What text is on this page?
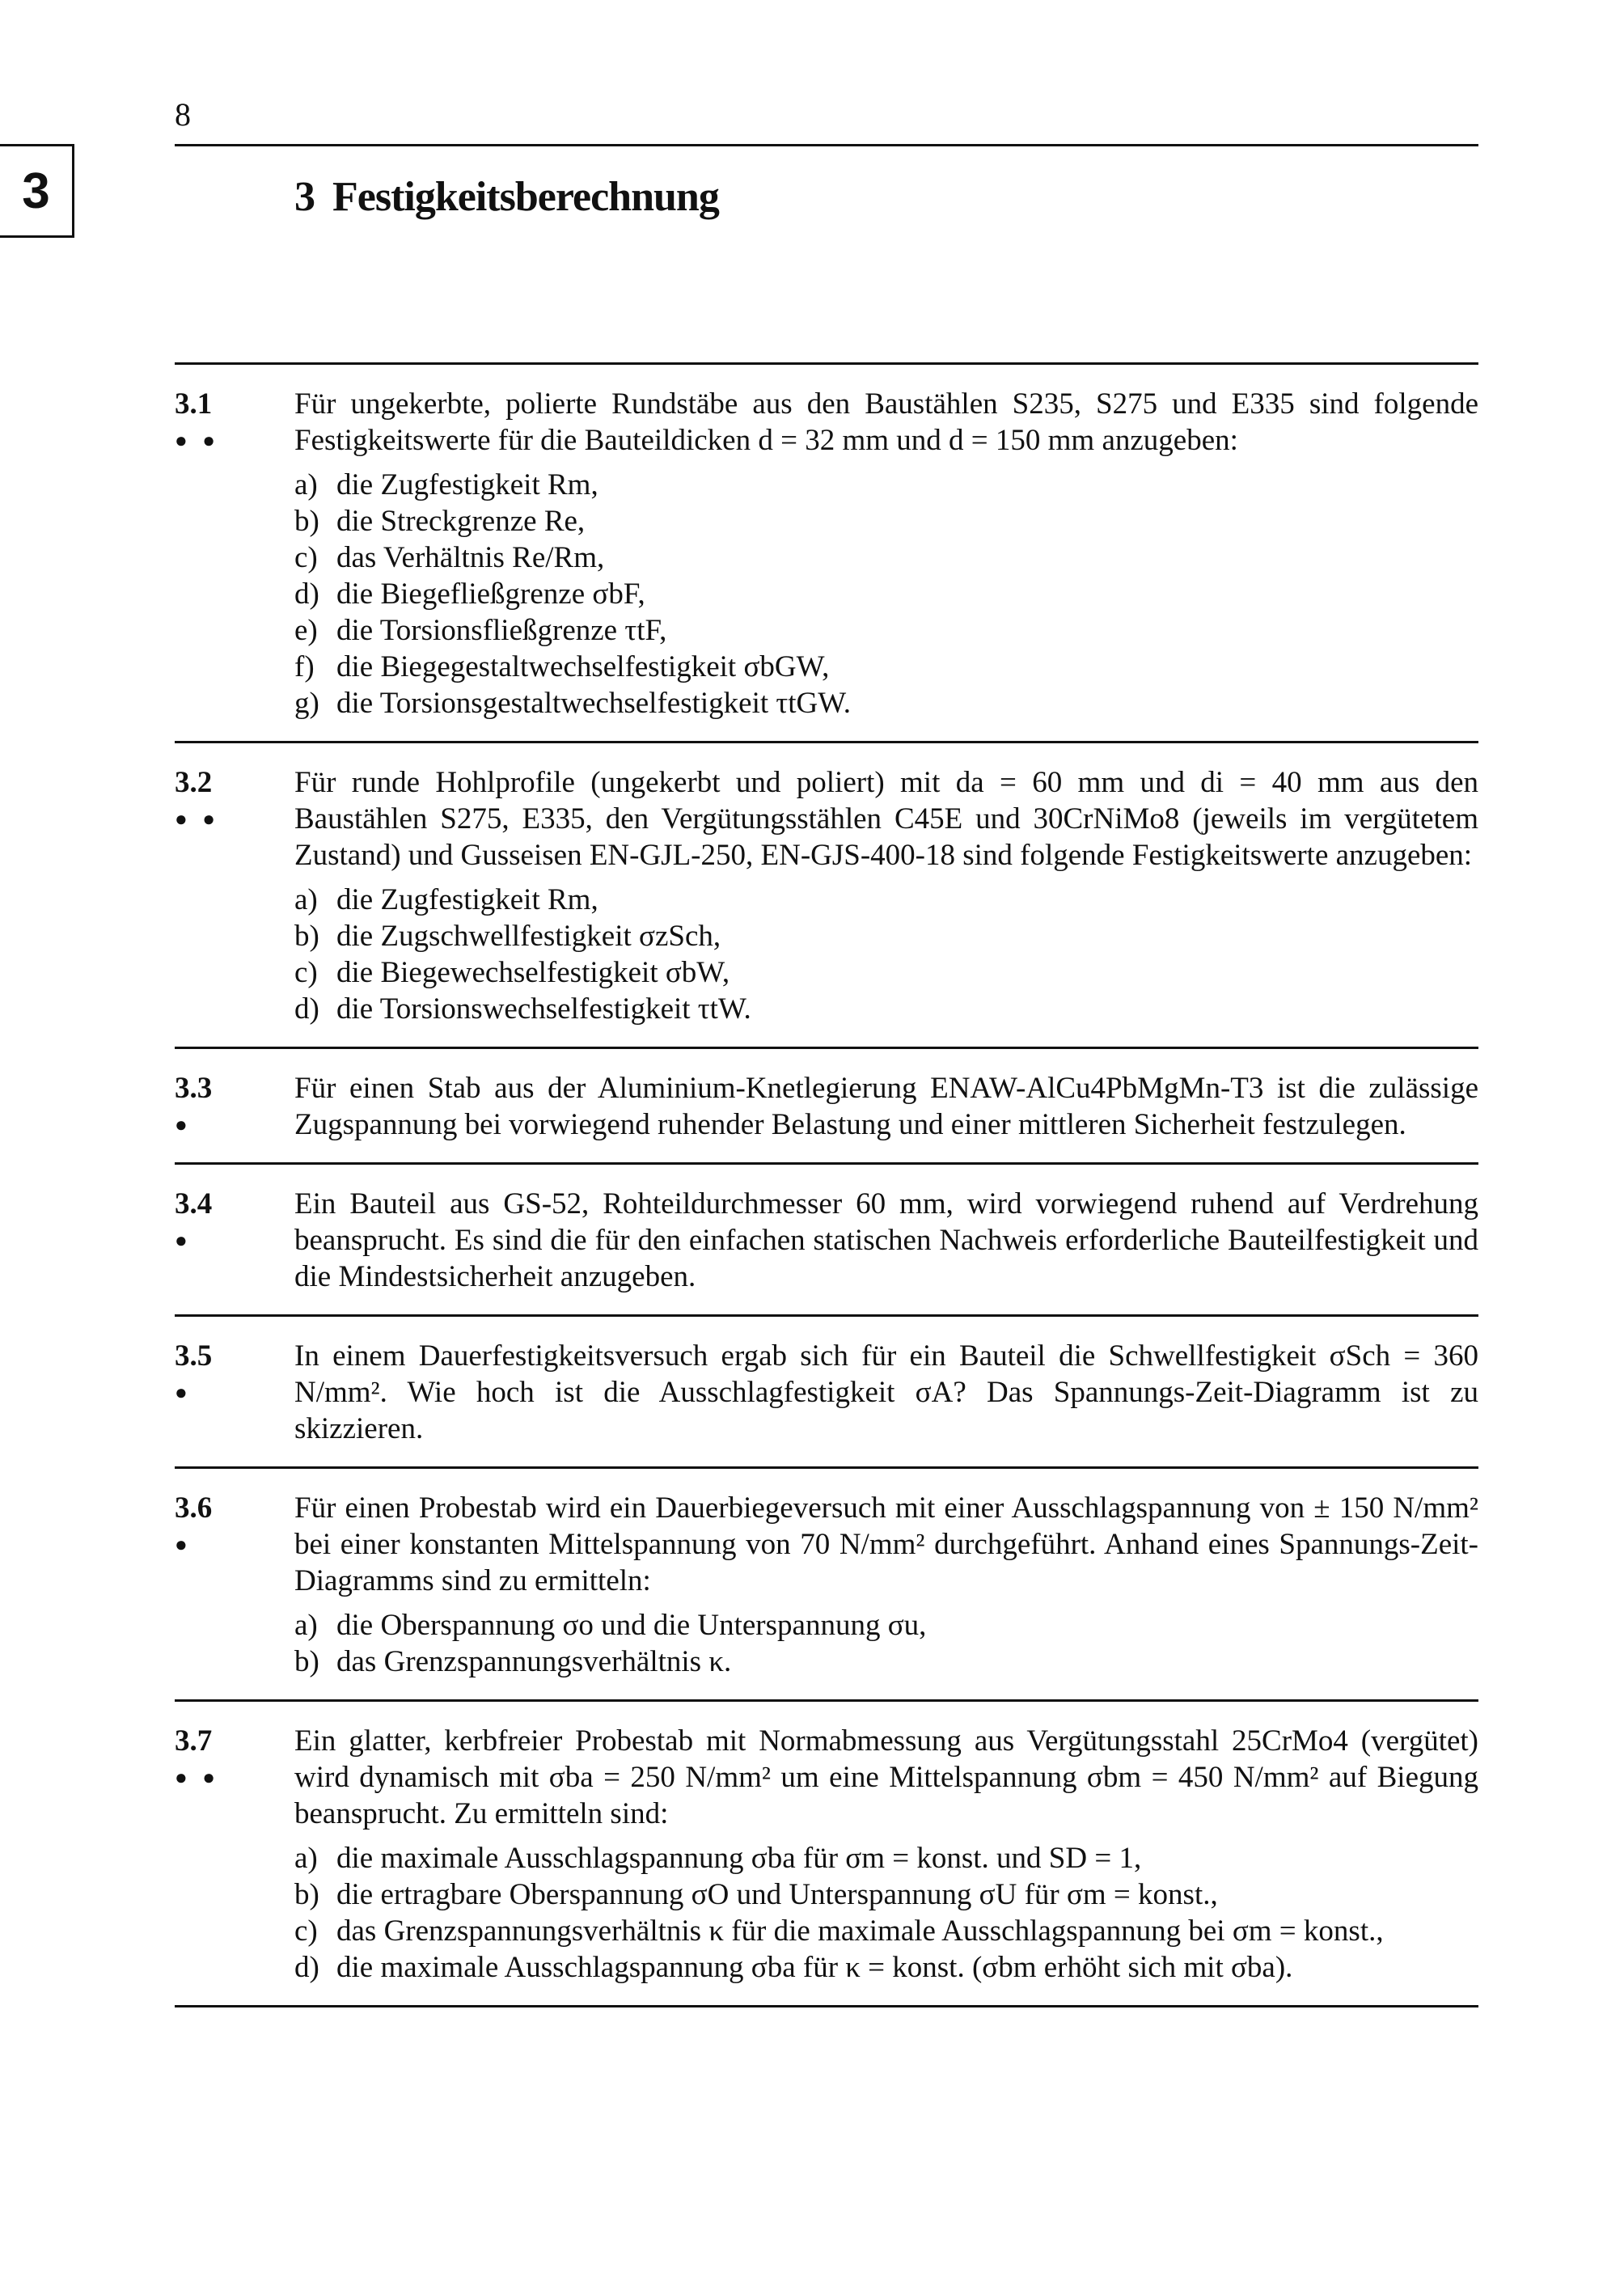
8
3	3 Festigkeitsberechnung
3.1
● ●

Für ungekerbte, polierte Rundstäbe aus den Baustählen S235, S275 und E335 sind folgende Festigkeitswerte für die Bauteildicken d = 32 mm und d = 150 mm anzugeben:

a) die Zugfestigkeit Rm,
b) die Streckgrenze Re,
c) das Verhältnis Re/Rm,
d) die Biegefließgrenze σbF,
e) die Torsionsfließgrenze τtF,
f) die Biegegestaltwechselfestigkeit σbGW,
g) die Torsionsgestaltwechselfestigkeit τtGW.
3.2
● ●

Für runde Hohlprofile (ungekerbt und poliert) mit da = 60 mm und di = 40 mm aus den Baustählen S275, E335, den Vergütungsstählen C45E und 30CrNiMo8 (jeweils im vergütetem Zustand) und Gusseisen EN-GJL-250, EN-GJS-400-18 sind folgende Festigkeitswerte anzugeben:

a) die Zugfestigkeit Rm,
b) die Zugschwellfestigkeit σzSch,
c) die Biegewechselfestigkeit σbW,
d) die Torsionswechselfestigkeit τtW.
3.3
●

Für einen Stab aus der Aluminium-Knetlegierung ENAW-AlCu4PbMgMn-T3 ist die zulässige Zugspannung bei vorwiegend ruhender Belastung und einer mittleren Sicherheit festzulegen.

3.4
●

Ein Bauteil aus GS-52, Rohteildurchmesser 60 mm, wird vorwiegend ruhend auf Verdrehung beansprucht. Es sind die für den einfachen statischen Nachweis erforderliche Bauteilfestigkeit und die Mindestsicherheit anzugeben.

3.5
●

In einem Dauerfestigkeitsversuch ergab sich für ein Bauteil die Schwellfestigkeit σSch = 360 N/mm². Wie hoch ist die Ausschlagfestigkeit σA? Das Spannungs-Zeit-Diagramm ist zu skizzieren.

3.6
●

Für einen Probestab wird ein Dauerbiegeversuch mit einer Ausschlagspannung von ± 150 N/mm² bei einer konstanten Mittelspannung von 70 N/mm² durchgeführt. Anhand eines Spannungs-Zeit-Diagramms sind zu ermitteln:

a) die Oberspannung σo und die Unterspannung σu,
b) das Grenzspannungsverhältnis κ.
3.7
● ●

Ein glatter, kerbfreier Probestab mit Normabmessung aus Vergütungsstahl 25CrMo4 (vergütet) wird dynamisch mit σba = 250 N/mm² um eine Mittelspannung σbm = 450 N/mm² auf Biegung beansprucht. Zu ermitteln sind:

a) die maximale Ausschlagspannung σba für σm = konst. und SD = 1,
b) die ertragbare Oberspannung σO und Unterspannung σU für σm = konst.,
c) das Grenzspannungsverhältnis κ für die maximale Ausschlagspannung bei σm = konst.,
d) die maximale Ausschlagspannung σba für κ = konst. (σbm erhöht sich mit σba).
